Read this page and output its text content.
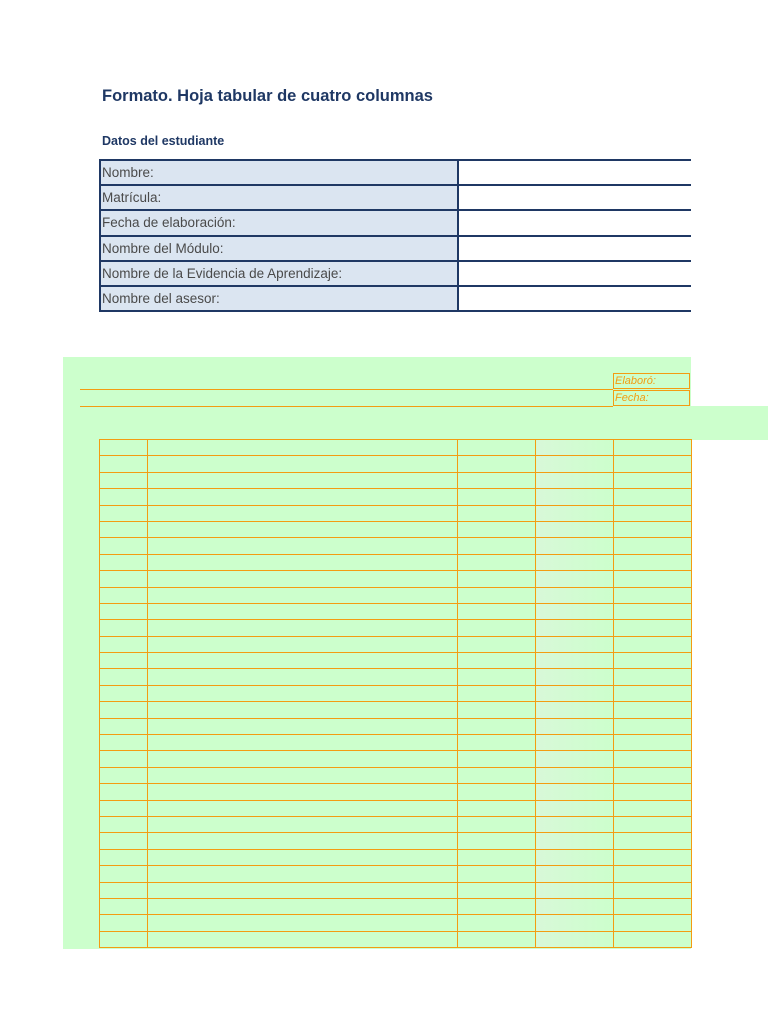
Formato. Hoja tabular de cuatro columnas
Datos del estudiante
Nombre:	
Matrícula:	
Fecha de elaboración:	
Nombre del Módulo:	
Nombre de la Evidencia de Aprendizaje:	
Nombre del asesor:	
Elaboró:
Fecha:
